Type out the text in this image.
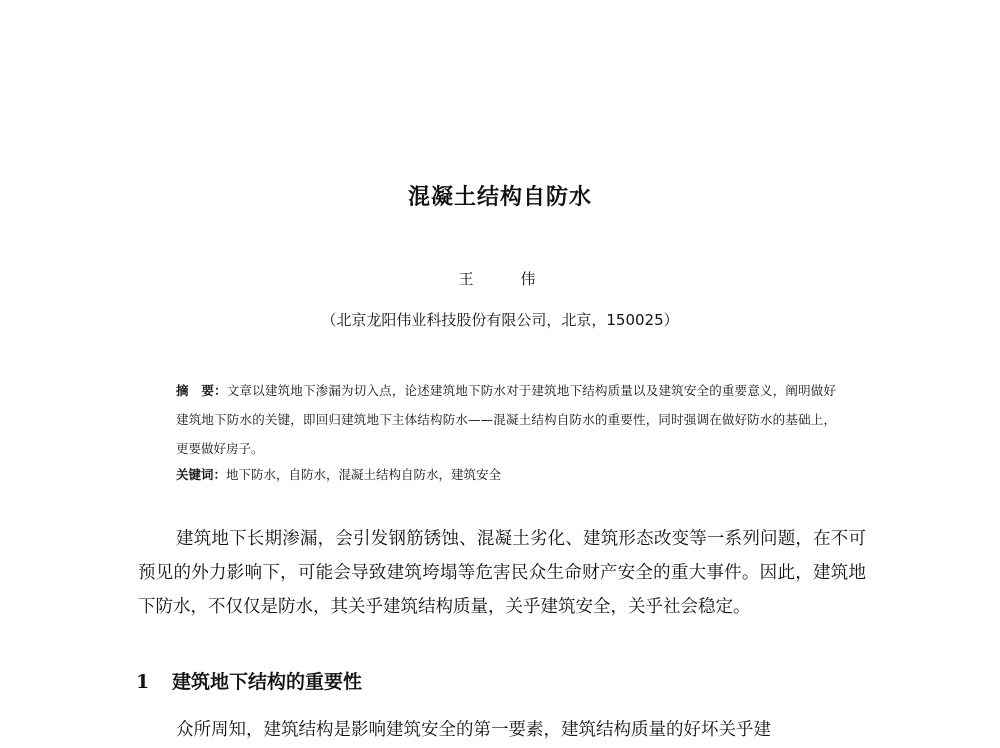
混凝土结构自防水
王 伟
（北京龙阳伟业科技股份有限公司，北京，150025）
摘　要：文章以建筑地下渗漏为切入点，论述建筑地下防水对于建筑地下结构质量以及建筑安全的重要意义，阐明做好建筑地下防水的关键，即回归建筑地下主体结构防水——混凝土结构自防水的重要性，同时强调在做好防水的基础上，更要做好房子。
关键词：地下防水，自防水，混凝土结构自防水，建筑安全
建筑地下长期渗漏，会引发钢筋锈蚀、混凝土劣化、建筑形态改变等一系列问题，在不可预见的外力影响下，可能会导致建筑垮塌等危害民众生命财产安全的重大事件。因此，建筑地下防水，不仅仅是防水，其关乎建筑结构质量，关乎建筑安全，关乎社会稳定。
1 建筑地下结构的重要性
众所周知，建筑结构是影响建筑安全的第一要素，建筑结构质量的好坏关乎建
